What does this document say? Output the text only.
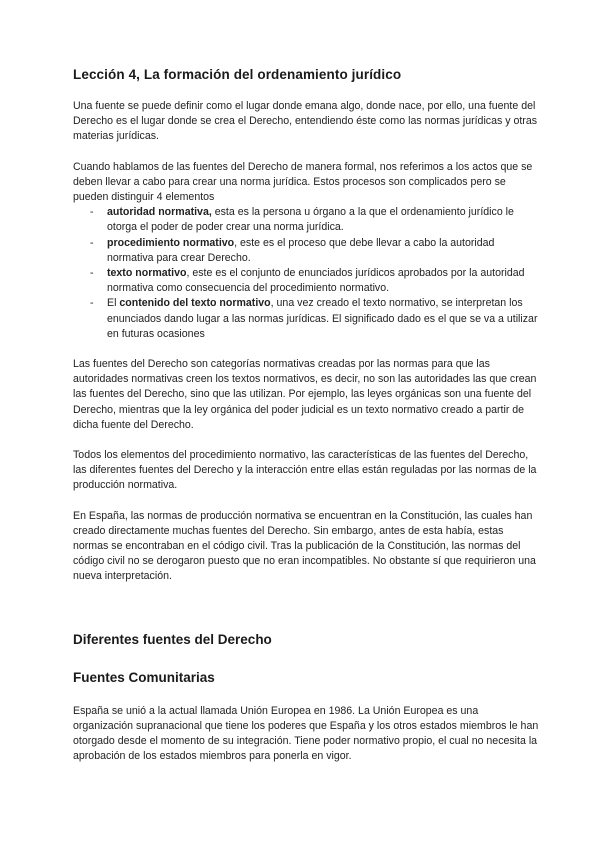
Lección 4, La formación del ordenamiento jurídico

Una fuente se puede definir como el lugar donde emana algo, donde nace, por ello, una fuente del Derecho es el lugar donde se crea el Derecho, entendiendo éste como las normas jurídicas y otras materias jurídicas.

Cuando hablamos de las fuentes del Derecho de manera formal, nos referimos a los actos que se deben llevar a cabo para crear una norma jurídica. Estos procesos son complicados pero se pueden distinguir 4 elementos

- autoridad normativa, esta es la persona u órgano a la que el ordenamiento jurídico le otorga el poder de poder crear una norma jurídica.
- procedimiento normativo, este es el proceso que debe llevar a cabo la autoridad normativa para crear Derecho.
- texto normativo, este es el conjunto de enunciados jurídicos aprobados por la autoridad normativa como consecuencia del procedimiento normativo.
- El contenido del texto normativo, una vez creado el texto normativo, se interpretan los enunciados dando lugar a las normas jurídicas. El significado dado es el que se va a utilizar en futuras ocasiones

Las fuentes del Derecho son categorías normativas creadas por las normas para que las autoridades normativas creen los textos normativos, es decir, no son las autoridades las que crean las fuentes del Derecho, sino que las utilizan. Por ejemplo, las leyes orgánicas son una fuente del Derecho, mientras que la ley orgánica del poder judicial es un texto normativo creado a partir de dicha fuente del Derecho.

Todos los elementos del procedimiento normativo, las características de las fuentes del Derecho, las diferentes fuentes del Derecho y la interacción entre ellas están reguladas por las normas de la producción normativa.

En España, las normas de producción normativa se encuentran en la Constitución, las cuales han creado directamente muchas fuentes del Derecho. Sin embargo, antes de esta había, estas normas se encontraban en el código civil. Tras la publicación de la Constitución, las normas del código civil no se derogaron puesto que no eran incompatibles. No obstante sí que requirieron una nueva interpretación.

Diferentes fuentes del Derecho
Fuentes Comunitarias

España se unió a la actual llamada Unión Europea en 1986. La Unión Europea es una organización supranacional que tiene los poderes que España y los otros estados miembros le han otorgado desde el momento de su integración. Tiene poder normativo propio, el cual no necesita la aprobación de los estados miembros para ponerla en vigor.
